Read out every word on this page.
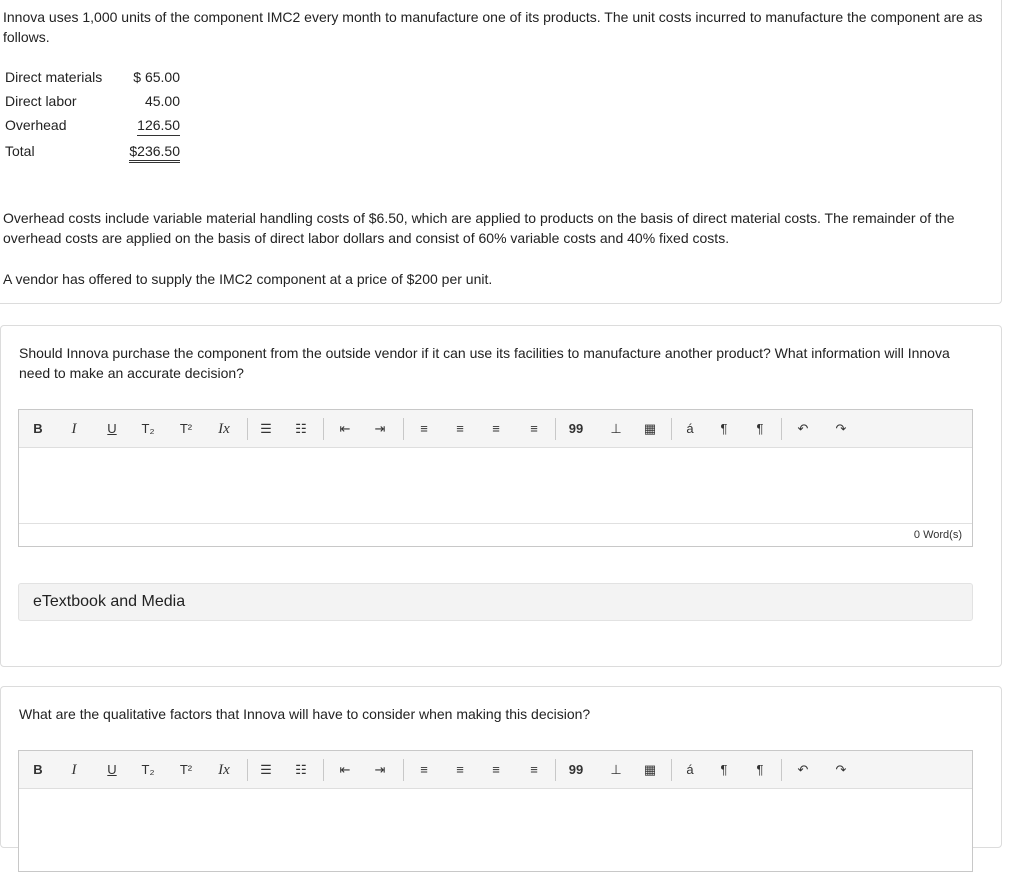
Innova uses 1,000 units of the component IMC2 every month to manufacture one of its products. The unit costs incurred to manufacture the component are as follows.

Direct materials $ 65.00
Direct labor	45.00
Overhead	126.50
Total	$236.50

Overhead costs include variable material handling costs of $6.50, which are applied to products on the basis of direct material costs. The remainder of the overhead costs are applied on the basis of direct labor dollars and consist of 60% variable costs and 40% fixed costs.

A vendor has offered to supply the IMC2 component at a price of $200 per unit.

Should Innova purchase the component from the outside vendor if it can use its facilities to manufacture another product? What information will Innova need to make an accurate decision?

B	I	U T₂ T² Ix ☰ ☷	⇤ ⇥	≡	≡	≡	≡	99 ⊥ ▦ á	¶	¶	↶ ↷
0 Word(s)
eTextbook and Media

What are the qualitative factors that Innova will have to consider when making this decision?

B	I	U T₂ T² Ix ☰ ☷	⇤ ⇥	≡	≡	≡	≡	99 ⊥ ▦ á	¶	¶	↶ ↷
